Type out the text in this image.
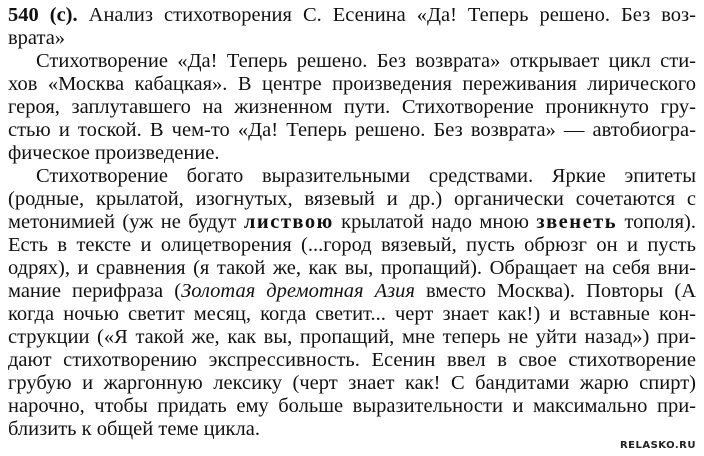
540 (с). Анализ стихотворения С. Есенина «Да! Теперь решено. Без воз-
врата»
Стихотворение «Да! Теперь решено. Без возврата» открывает цикл сти-
хов «Москва кабацкая». В центре произведения переживания лирического
героя, заплутавшего на жизненном пути. Стихотворение проникнуто гру-
стью и тоской. В чем-то «Да! Теперь решено. Без возврата» — автобиогра-
фическое произведение.
Стихотворение богато выразительными средствами. Яркие эпитеты
(родные, крылатой, изогнутых, вязевый и др.) органически сочетаются с
метонимией (уж не будут листвою крылатой надо мною звенеть тополя).
Есть в тексте и олицетворения (...город вязевый, пусть обрюзг он и пусть
одрях), и сравнения (я такой же, как вы, пропащий). Обращает на себя вни-
мание перифраза (Золотая дремотная Азия вместо Москва). Повторы (А
когда ночью светит месяц, когда светит... черт знает как!) и вставные кон-
струкции («Я такой же, как вы, пропащий, мне теперь не уйти назад») при-
дают стихотворению экспрессивность. Есенин ввел в свое стихотворение
грубую и жаргонную лексику (черт знает как! С бандитами жарю спирт)
нарочно, чтобы придать ему больше выразительности и максимально при-
близить к общей теме цикла.
RELASKO.RU
